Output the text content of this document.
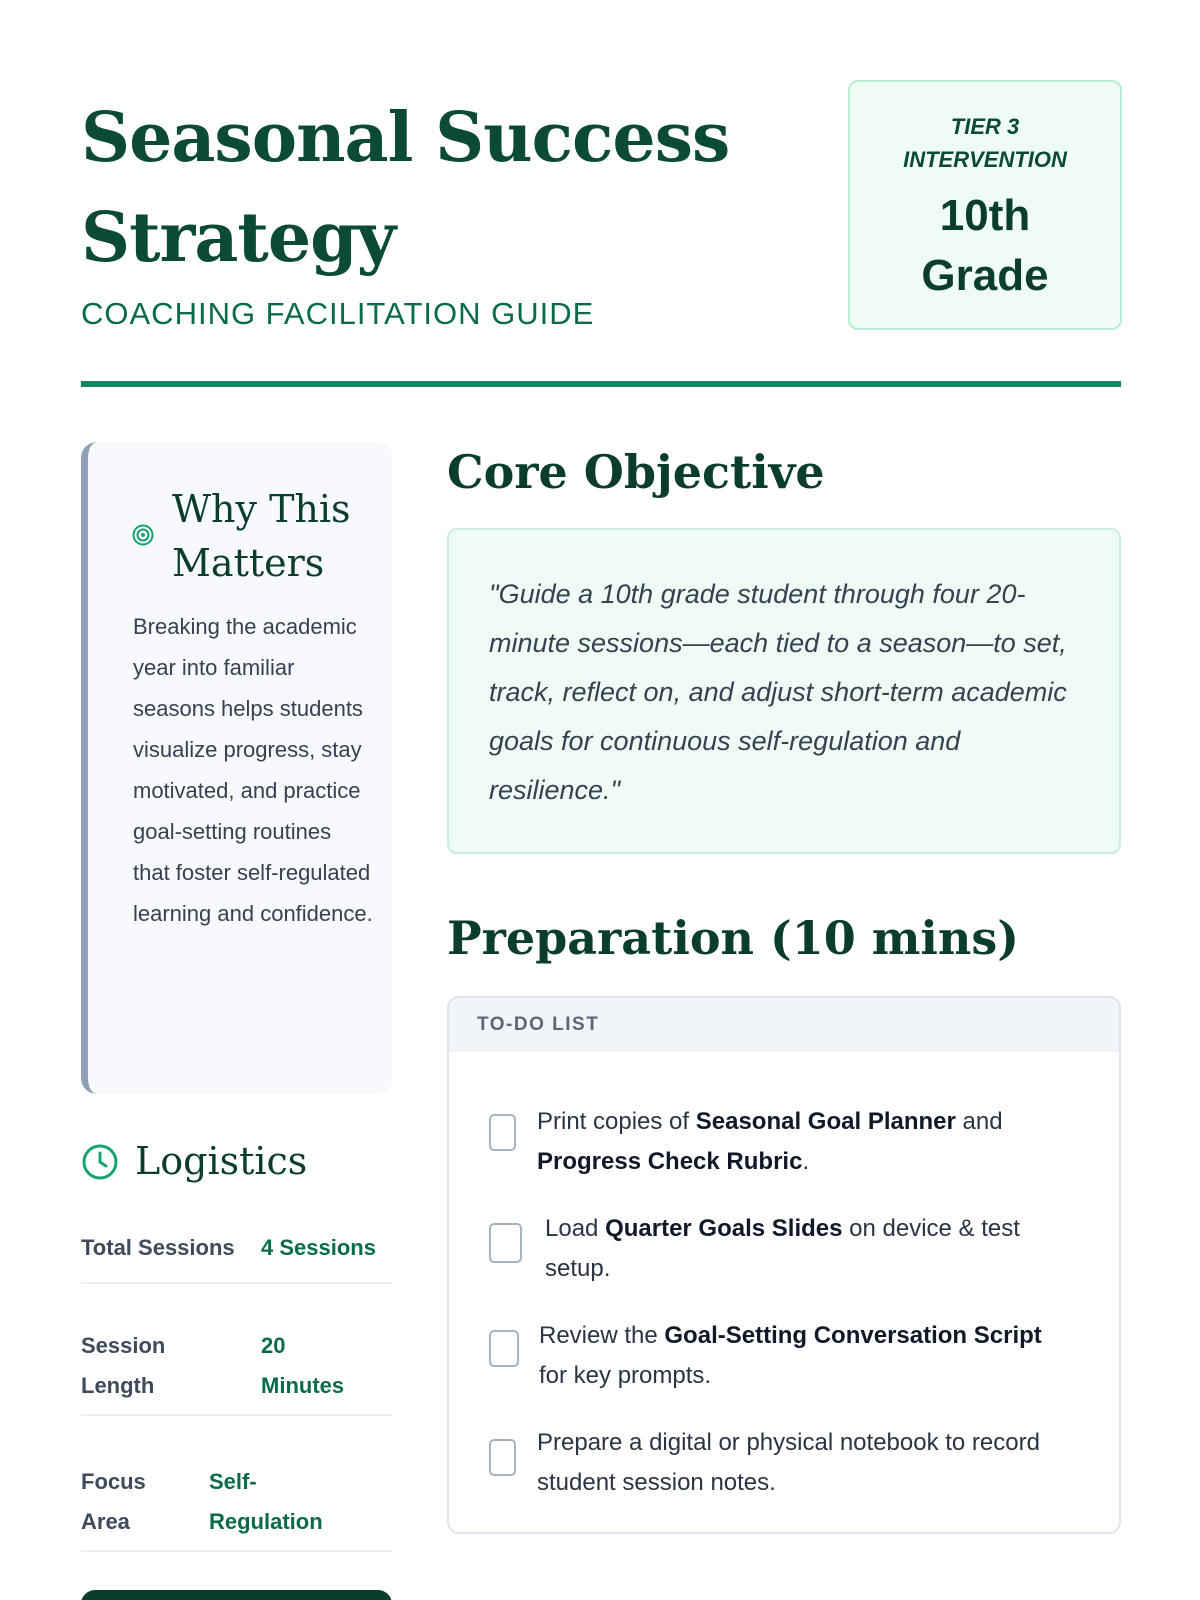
Seasonal Success Strategy
COACHING FACILITATION GUIDE
TIER 3 INTERVENTION
10th Grade
Why This Matters

Breaking the academic year into familiar seasons helps students visualize progress, stay motivated, and practice goal-setting routines that foster self-regulated learning and confidence.

Logistics
Total Sessions	4 Sessions
Session Length
20 Minutes
Focus Area
Self-Regulation
Core Objective

"Guide a 10th grade student through four 20-minute sessions—each tied to a season—to set, track, reflect on, and adjust short-term academic goals for continuous self-regulation and resilience."

Preparation (10 mins)
TO-DO LIST
Print copies of Seasonal Goal Planner and Progress Check Rubric.
Load Quarter Goals Slides on device & test setup.
Review the Goal-Setting Conversation Script for key prompts.
Prepare a digital or physical notebook to record student session notes.
